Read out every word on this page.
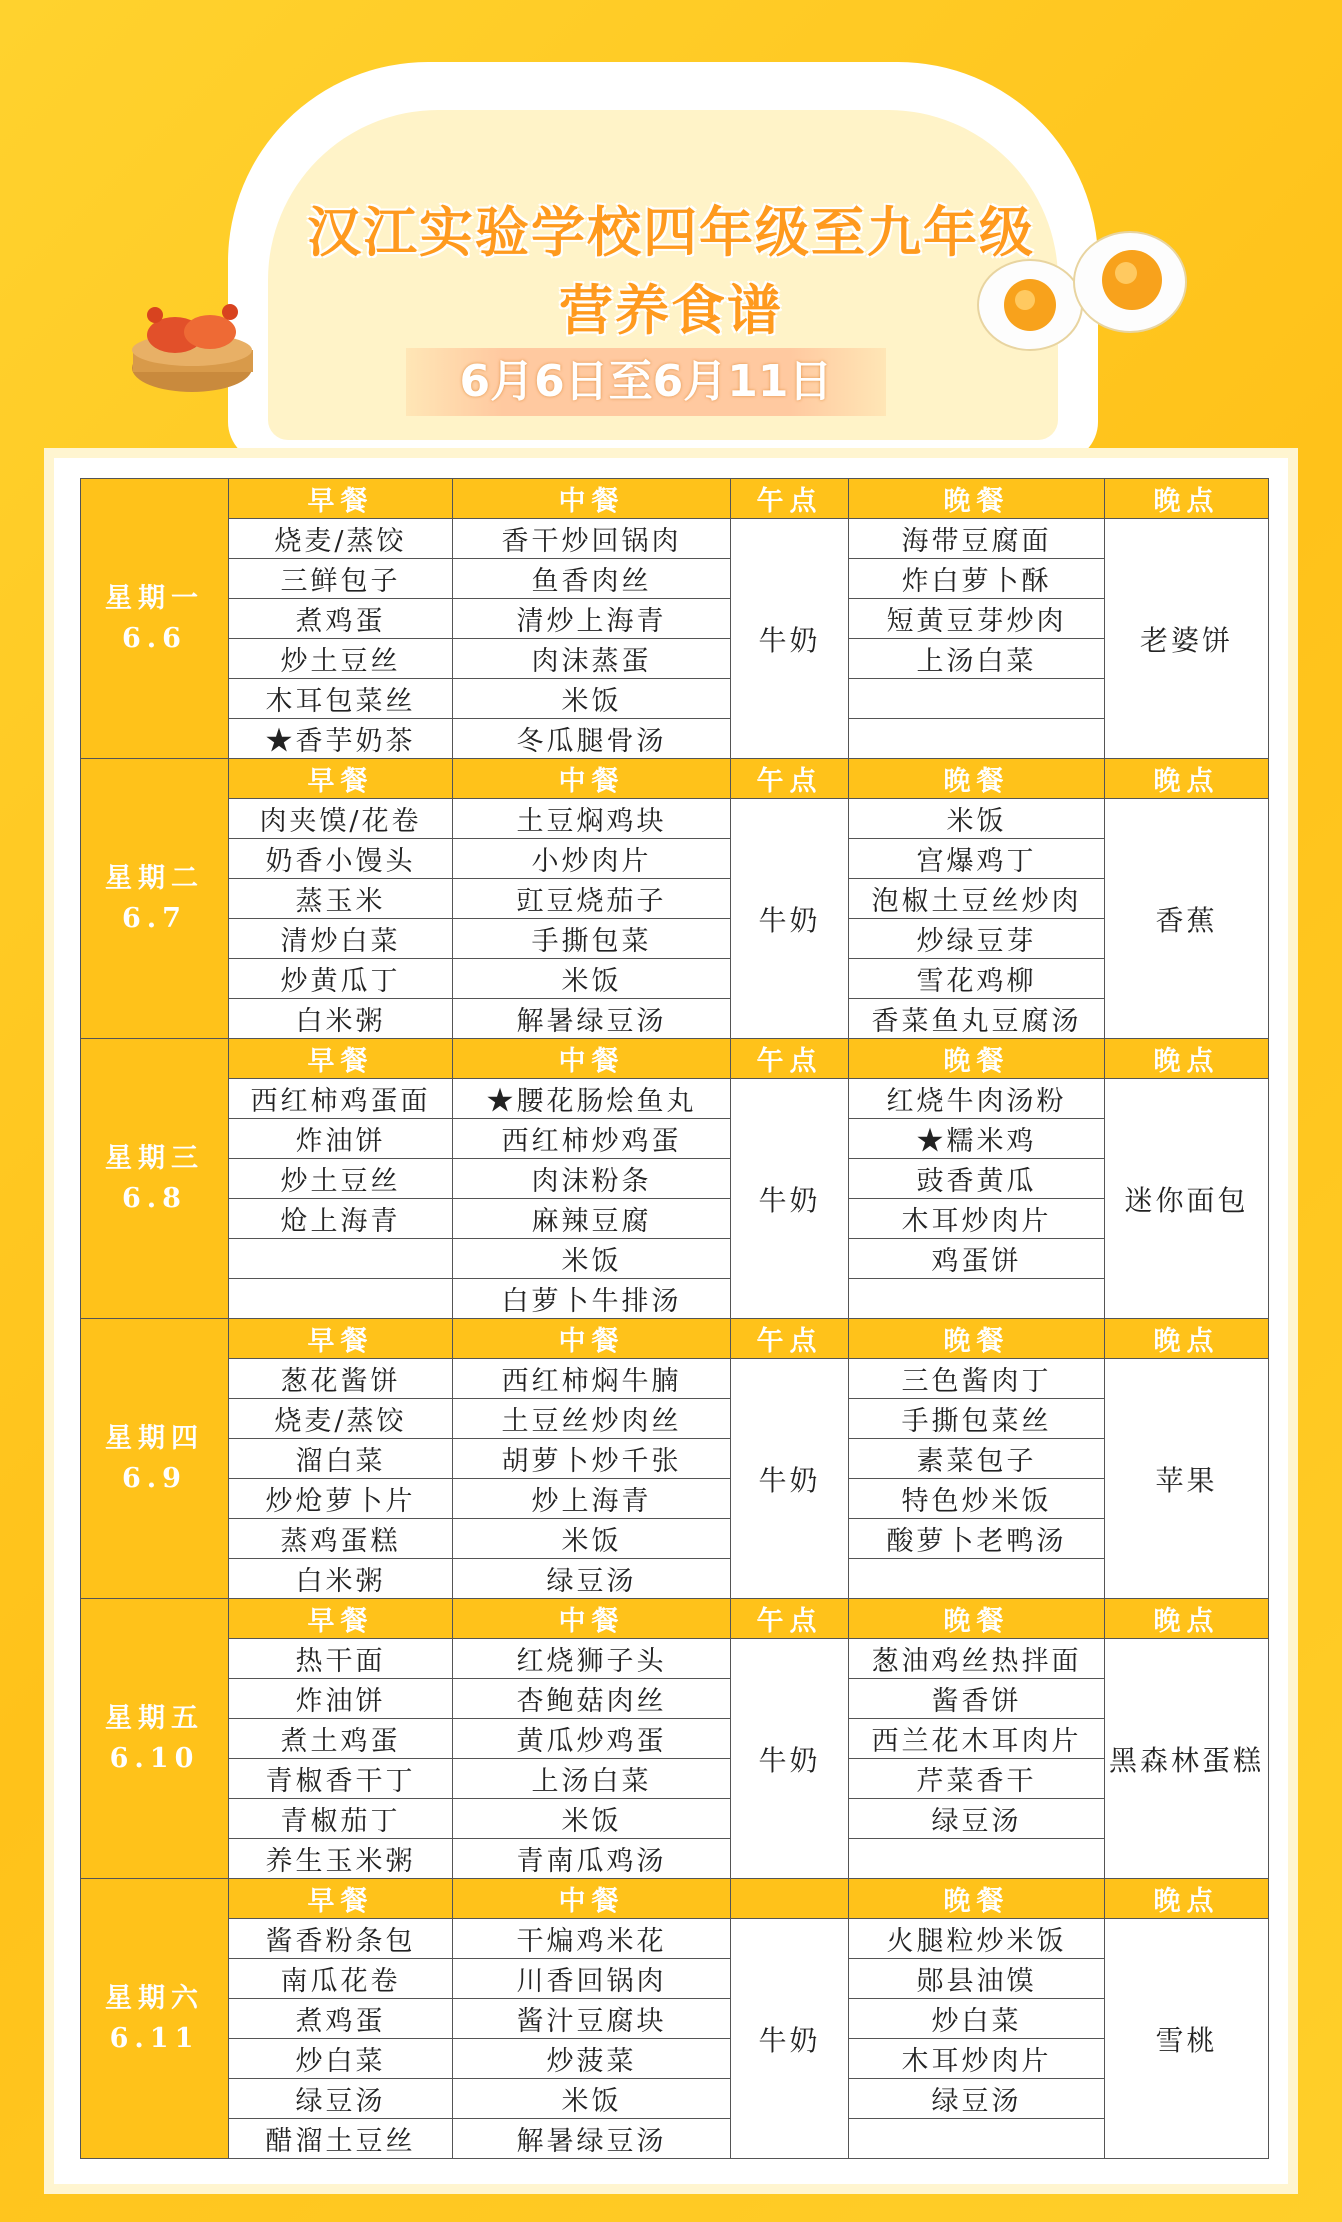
汉江实验学校四年级至九年级
营养食谱
6月6日至6月11日
星期一
6.6	早餐	中餐	午点	晚餐	晚点
	烧麦/蒸饺	香干炒回锅肉	牛奶	海带豆腐面	老婆饼
	三鲜包子	鱼香肉丝		炸白萝卜酥	
	煮鸡蛋	清炒上海青		短黄豆芽炒肉	
	炒土豆丝	肉沫蒸蛋		上汤白菜	
	木耳包菜丝	米饭			
	★香芋奶茶	冬瓜腿骨汤			

星期二
6.7	早餐	中餐	午点	晚餐	晚点
	肉夹馍/花卷	土豆焖鸡块	牛奶	米饭	香蕉
	奶香小馒头	小炒肉片		宫爆鸡丁	
	蒸玉米	豇豆烧茄子		泡椒土豆丝炒肉	
	清炒白菜	手撕包菜		炒绿豆芽	
	炒黄瓜丁	米饭		雪花鸡柳	
	白米粥	解暑绿豆汤		香菜鱼丸豆腐汤	

星期三
6.8	早餐	中餐	午点	晚餐	晚点
	西红柿鸡蛋面	★腰花肠烩鱼丸	牛奶	红烧牛肉汤粉	迷你面包
	炸油饼	西红柿炒鸡蛋		★糯米鸡	
	炒土豆丝	肉沫粉条		豉香黄瓜	
	炝上海青	麻辣豆腐		木耳炒肉片	
		米饭		鸡蛋饼	
		白萝卜牛排汤			

星期四
6.9	早餐	中餐	午点	晚餐	晚点
	葱花酱饼	西红柿焖牛腩	牛奶	三色酱肉丁	苹果
	烧麦/蒸饺	土豆丝炒肉丝		手撕包菜丝	
	溜白菜	胡萝卜炒千张		素菜包子	
	炒炝萝卜片	炒上海青		特色炒米饭	
	蒸鸡蛋糕	米饭		酸萝卜老鸭汤	
	白米粥	绿豆汤			

星期五
6.10	早餐	中餐	午点	晚餐	晚点
	热干面	红烧狮子头	牛奶	葱油鸡丝热拌面	黑森林蛋糕
	炸油饼	杏鲍菇肉丝		酱香饼	
	煮土鸡蛋	黄瓜炒鸡蛋		西兰花木耳肉片	
	青椒香干丁	上汤白菜		芹菜香干	
	青椒茄丁	米饭		绿豆汤	
	养生玉米粥	青南瓜鸡汤			

星期六
6.11	早餐	中餐		晚餐	晚点
	酱香粉条包	干煸鸡米花	牛奶	火腿粒炒米饭	雪桃
	南瓜花卷	川香回锅肉		郧县油馍	
	煮鸡蛋	酱汁豆腐块		炒白菜	
	炒白菜	炒菠菜		木耳炒肉片	
	绿豆汤	米饭		绿豆汤	
	醋溜土豆丝	解暑绿豆汤			
